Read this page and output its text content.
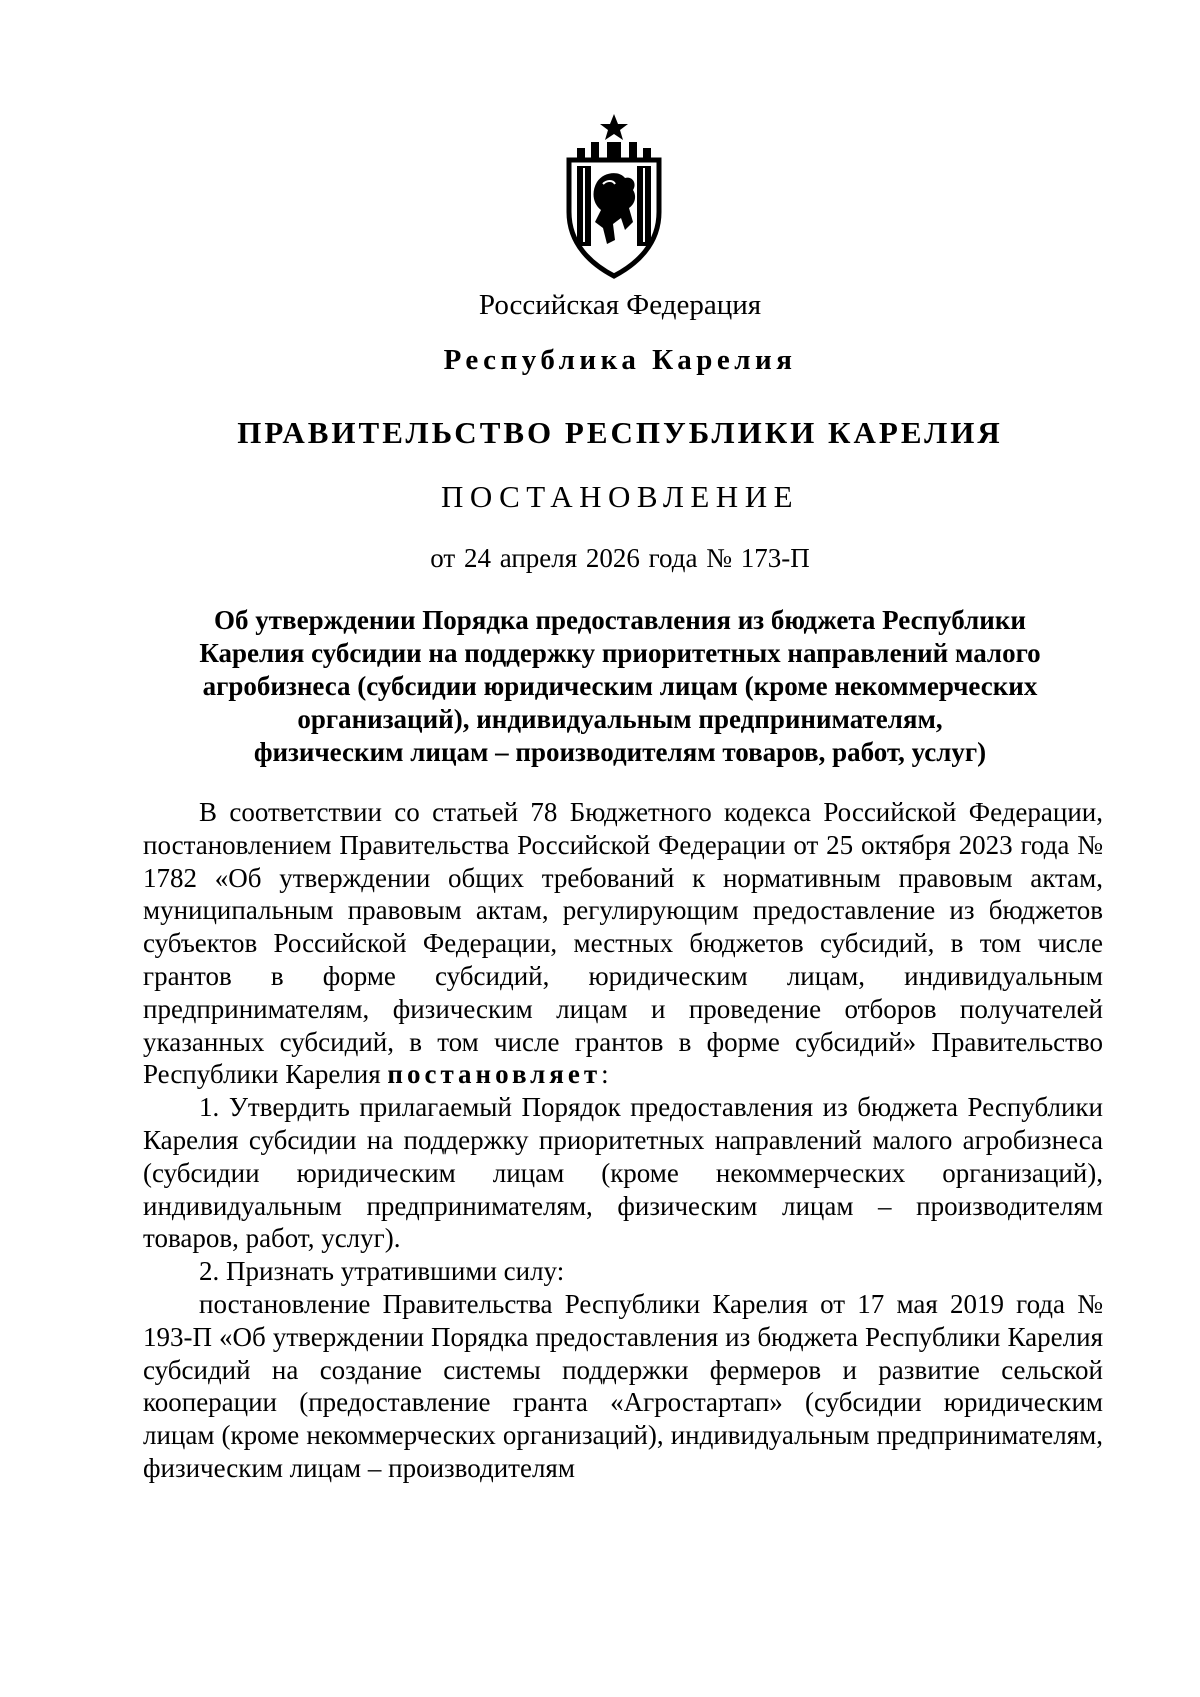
Российская Федерация
Республика Карелия
ПРАВИТЕЛЬСТВО РЕСПУБЛИКИ КАРЕЛИЯ
ПОСТАНОВЛЕНИЕ
от 24 апреля 2026 года № 173-П
Об утверждении Порядка предоставления из бюджета Республики
Карелия субсидии на поддержку приоритетных направлений малого
агробизнеса (субсидии юридическим лицам (кроме некоммерческих
организаций), индивидуальным предпринимателям,
физическим лицам – производителям товаров, работ, услуг)

В соответствии со статьей 78 Бюджетного кодекса Российской Федерации, постановлением Правительства Российской Федерации от 25 октября 2023 года № 1782 «Об утверждении общих требований к нормативным правовым актам, муниципальным правовым актам, регулирующим предоставление из бюджетов субъектов Российской Федерации, местных бюджетов субсидий, в том числе грантов в форме субсидий, юридическим лицам, индивидуальным предпринимателям, физическим лицам и проведение отборов получателей указанных субсидий, в том числе грантов в форме субсидий» Правительство Республики Карелия постановляет:

1. Утвердить прилагаемый Порядок предоставления из бюджета Республики Карелия субсидии на поддержку приоритетных направлений малого агробизнеса (субсидии юридическим лицам (кроме некоммерческих организаций), индивидуальным предпринимателям, физическим лицам – производителям товаров, работ, услуг).

2. Признать утратившими силу:

постановление Правительства Республики Карелия от 17 мая 2019 года № 193-П «Об утверждении Порядка предоставления из бюджета Республики Карелия субсидий на создание системы поддержки фермеров и развитие сельской кооперации (предоставление гранта «Агростартап» (субсидии юридическим лицам (кроме некоммерческих организаций), индивидуальным предпринимателям, физическим лицам – производителям
